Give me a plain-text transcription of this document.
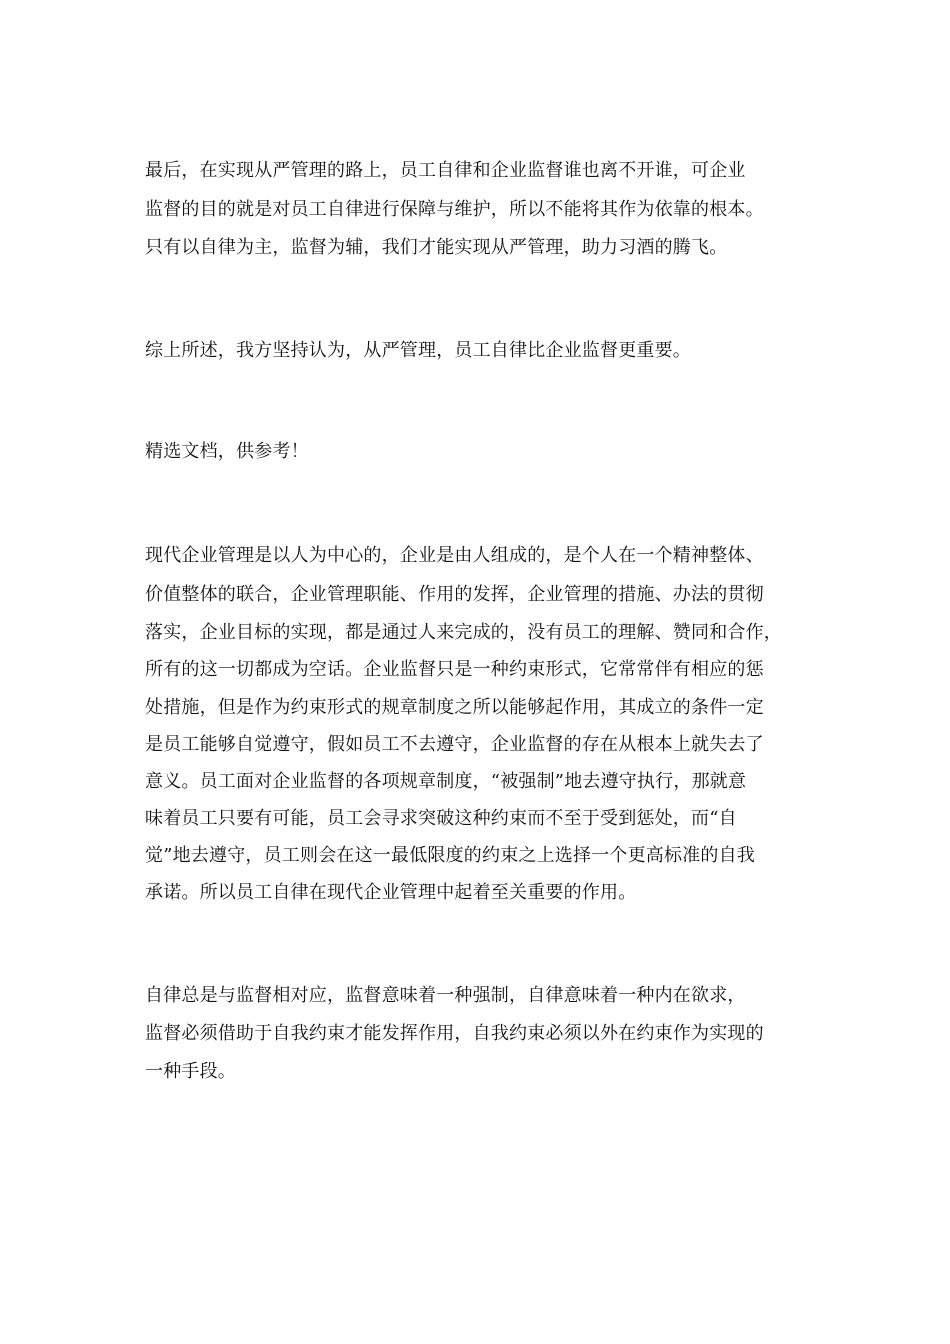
最后，在实现从严管理的路上，员工自律和企业监督谁也离不开谁，可企业
监督的目的就是对员工自律进行保障与维护，所以不能将其作为依靠的根本。
只有以自律为主，监督为辅，我们才能实现从严管理，助力习酒的腾飞。
综上所述，我方坚持认为，从严管理，员工自律比企业监督更重要。
精选文档，供参考！
现代企业管理是以人为中心的，企业是由人组成的，是个人在一个精神整体、
价值整体的联合，企业管理职能、作用的发挥，企业管理的措施、办法的贯彻
落实，企业目标的实现，都是通过人来完成的，没有员工的理解、赞同和合作，
所有的这一切都成为空话。企业监督只是一种约束形式，它常常伴有相应的惩
处措施，但是作为约束形式的规章制度之所以能够起作用，其成立的条件一定
是员工能够自觉遵守，假如员工不去遵守，企业监督的存在从根本上就失去了
意义。员工面对企业监督的各项规章制度，“被强制”地去遵守执行，那就意
味着员工只要有可能，员工会寻求突破这种约束而不至于受到惩处，而“自
觉”地去遵守，员工则会在这一最低限度的约束之上选择一个更高标准的自我
承诺。所以员工自律在现代企业管理中起着至关重要的作用。
自律总是与监督相对应，监督意味着一种强制，自律意味着一种内在欲求，
监督必须借助于自我约束才能发挥作用，自我约束必须以外在约束作为实现的
一种手段。
